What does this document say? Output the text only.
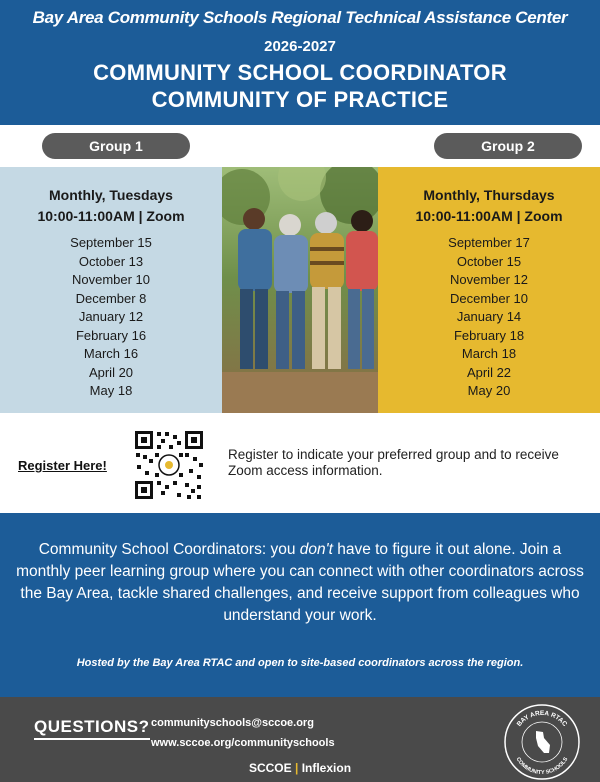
Bay Area Community Schools Regional Technical Assistance Center
2026-2027
COMMUNITY SCHOOL COORDINATOR
COMMUNITY OF PRACTICE
Group 1	Group 2
Monthly, Tuesdays
10:00-11:00AM | Zoom
September 15
October 13
November 10
December 8
January 12
February 16
March 16
April 20
May 18
Monthly, Thursdays
10:00-11:00AM | Zoom
September 17
October 15
November 12
December 10
January 14
February 18
March 18
April 22
May 20
Register Here!
Register to indicate your preferred group and to receive Zoom access information.
Community School Coordinators: you don't have to figure it out alone. Join a monthly peer learning group where you can connect with other coordinators across the Bay Area, tackle shared challenges, and receive support from colleagues who understand your work.
Hosted by the Bay Area RTAC and open to site-based coordinators across the region.
QUESTIONS? communityschools@sccoe.org
www.sccoe.org/communityschools
SCCOE | Inflexion
BAY AREA RTAC
COMMUNITY SCHOOLS
